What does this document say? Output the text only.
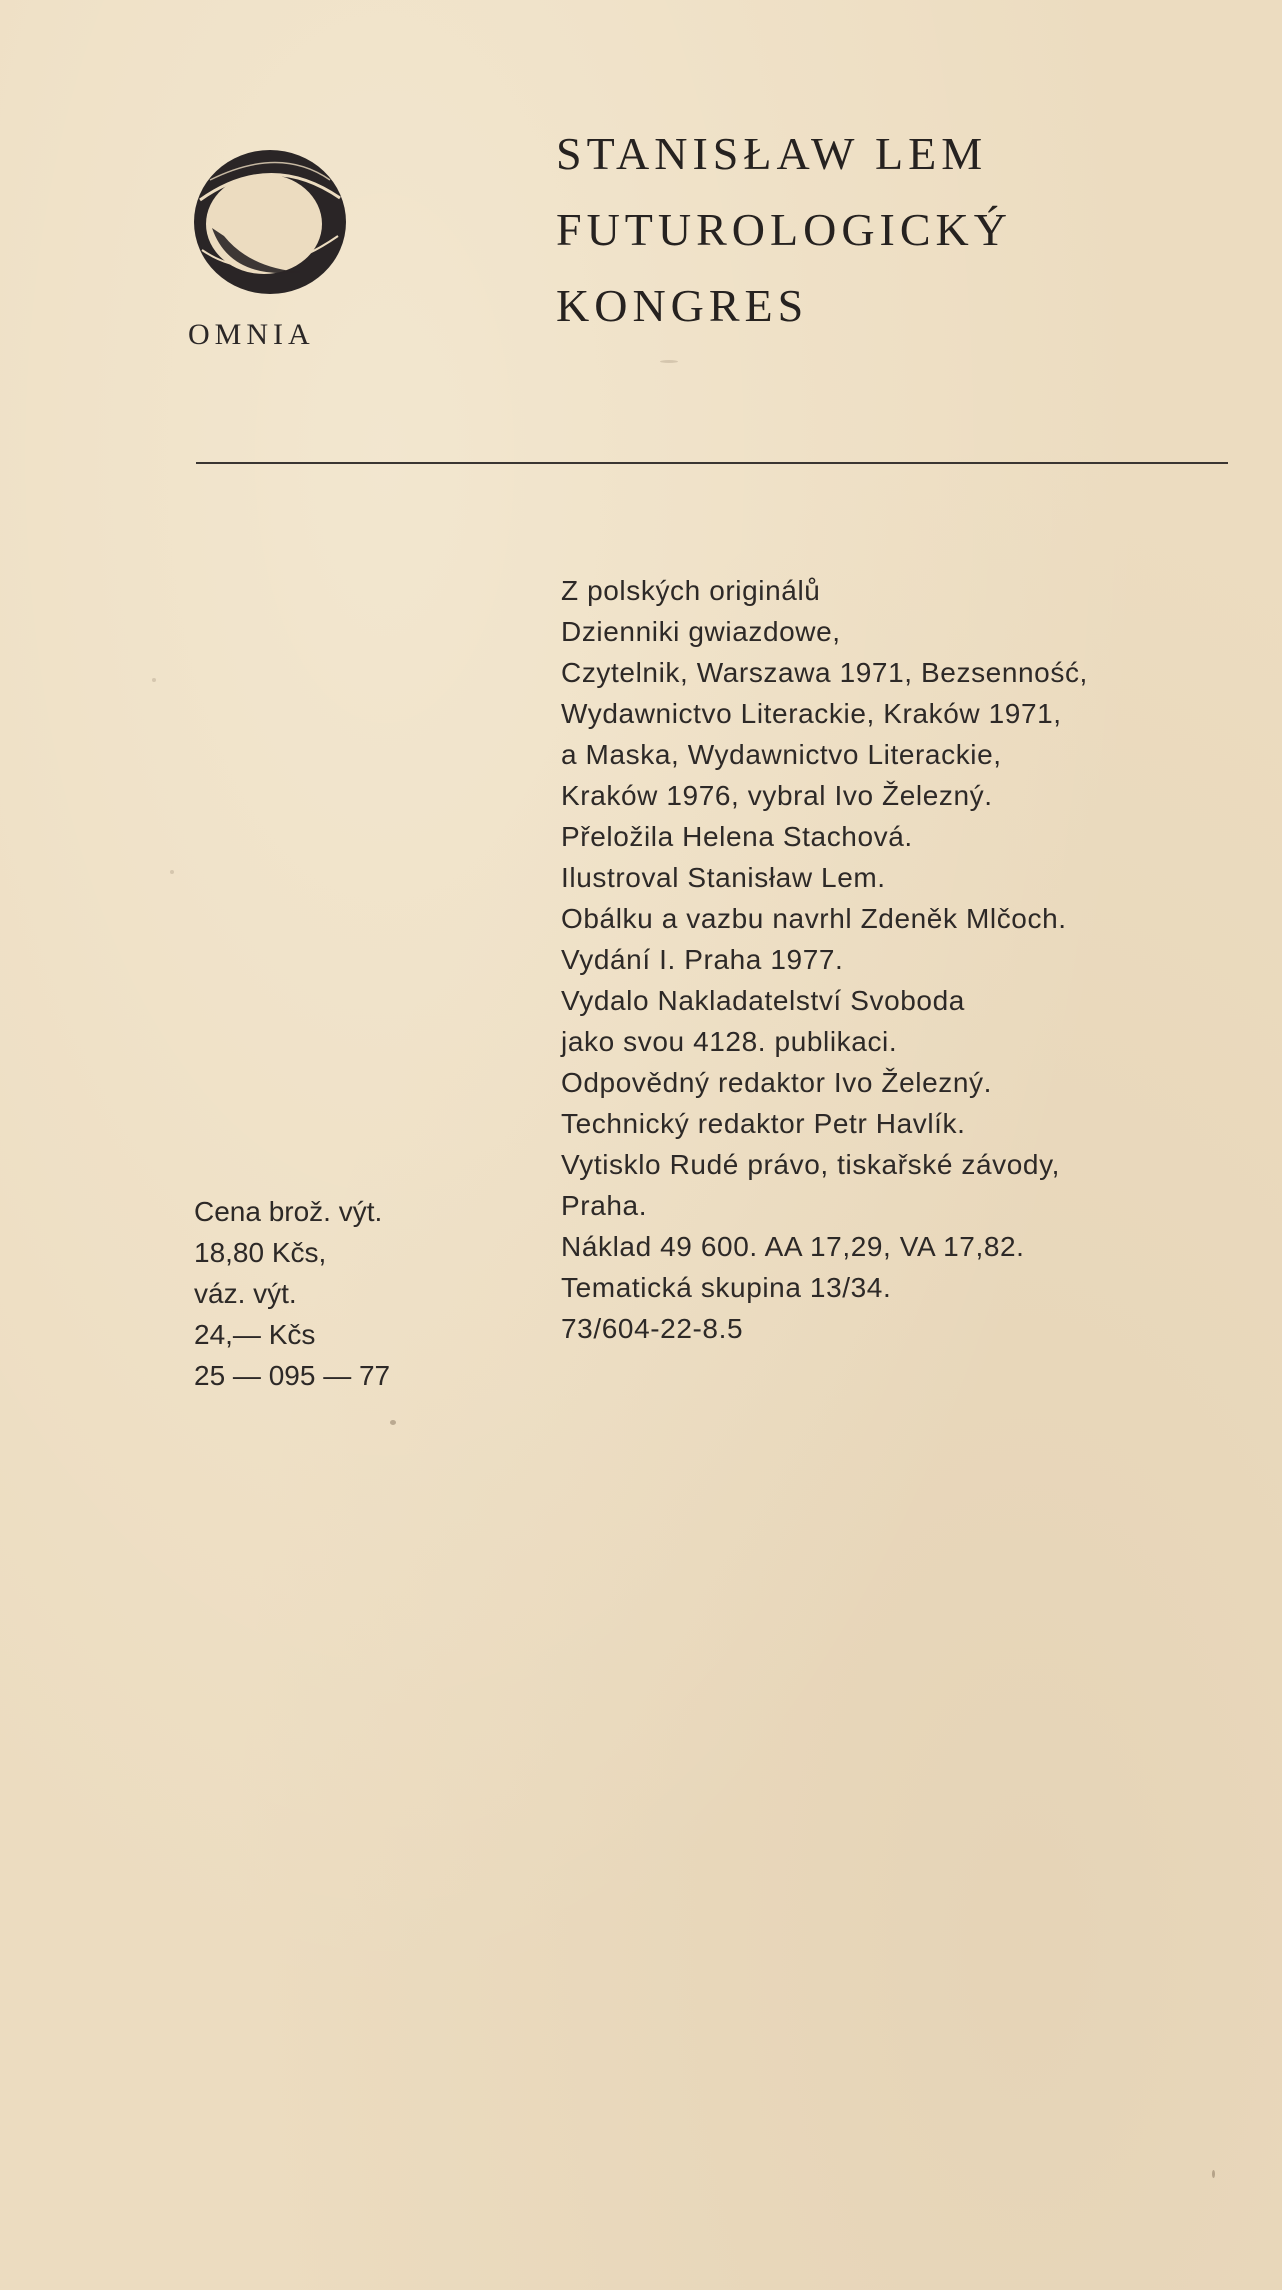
OMNIA

STANISŁAW LEM

FUTUROLOGICKÝ

KONGRES

Z polských originálů

Dzienniki gwiazdowe,

Czytelnik, Warszawa 1971, Bezsenność,

Wydawnictvo Literackie, Kraków 1971,

a Maska, Wydawnictvo Literackie,

Kraków 1976, vybral Ivo Železný.

Přeložila Helena Stachová.

Ilustroval Stanisław Lem.

Obálku a vazbu navrhl Zdeněk Mlčoch.

Vydání I. Praha 1977.

Vydalo Nakladatelství Svoboda

jako svou 4128. publikaci.

Odpovědný redaktor Ivo Železný.

Technický redaktor Petr Havlík.

Vytisklo Rudé právo, tiskařské závody,

Praha.

Náklad 49 600. AA 17,29, VA 17,82.

Tematická skupina 13/34.

73/604-22-8.5

Cena brož. výt.

18,80 Kčs,

váz. výt.

24,— Kčs

25 — 095 — 77
